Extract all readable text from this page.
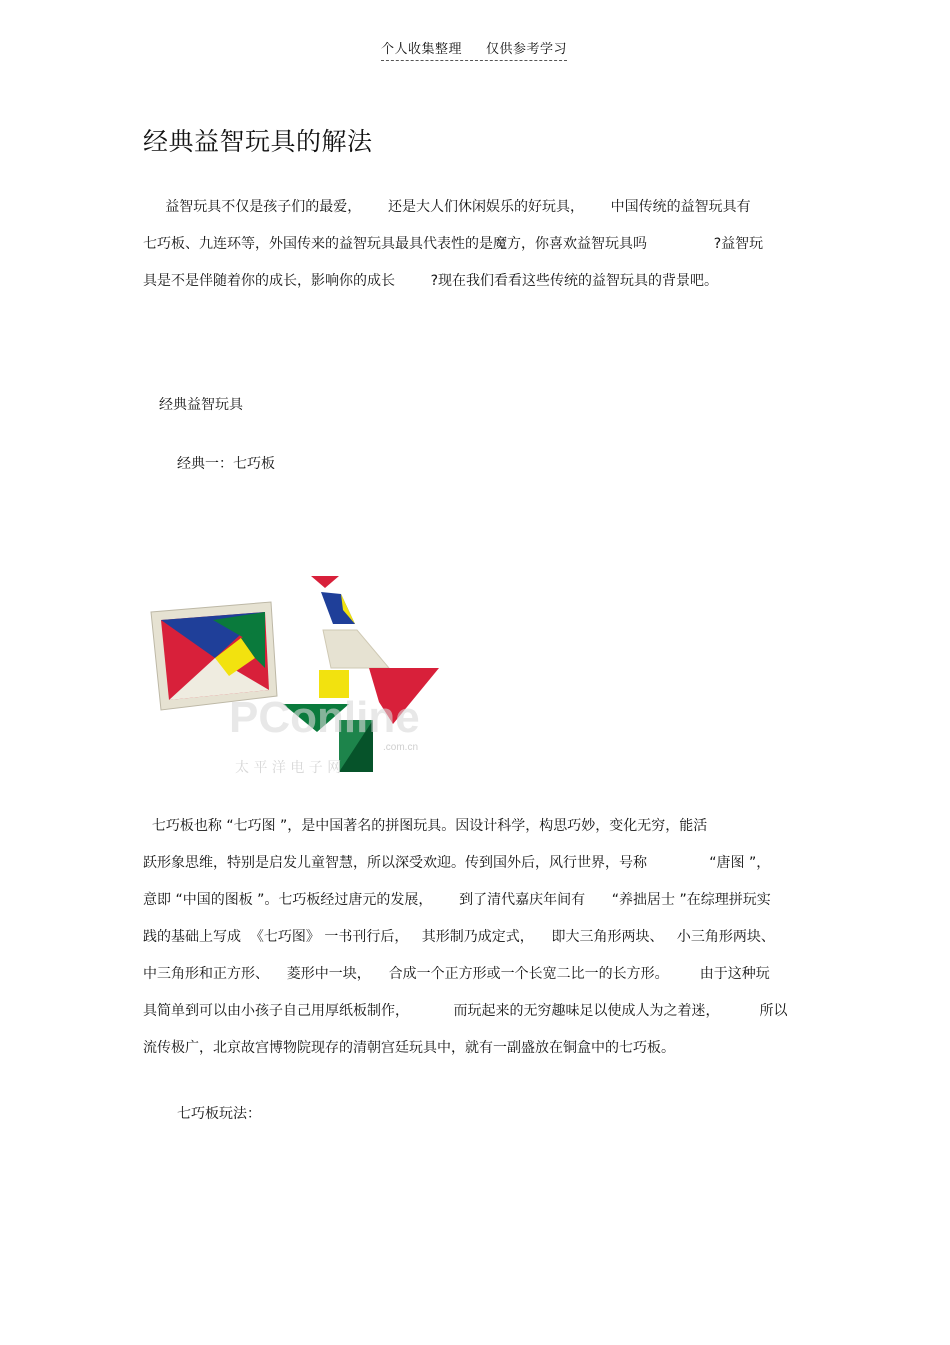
个人收集整理 仅供参考学习
经典益智玩具的解法

益智玩具不仅是孩子们的最爱，      还是大人们休闲娱乐的好玩具，      中国传统的益智玩具有
七巧板、九连环等，外国传来的益智玩具最具代表性的是魔方，你喜欢益智玩具吗               ?益智玩
具是不是伴随着你的成长，影响你的成长        ?现在我们看看这些传统的益智玩具的背景吧。

经典益智玩具

经典一：七巧板

PConline
.com.cn
太 平 洋 电 子 网

七巧板也称 “七巧图 ”，是中国著名的拼图玩具。因设计科学，构思巧妙，变化无穷，能活
跃形象思维，特别是启发儿童智慧，所以深受欢迎。传到国外后，风行世界，号称              “唐图 ”，
意即 “中国的图板 ”。七巧板经过唐元的发展，      到了清代嘉庆年间有      “养拙居士 ”在综理拼玩实
践的基础上写成  《七巧图》 一书刊行后，   其形制乃成定式，    即大三角形两块、   小三角形两块、
中三角形和正方形、    菱形中一块，    合成一个正方形或一个长宽二比一的长方形。       由于这种玩
具简单到可以由小孩子自己用厚纸板制作，          而玩起来的无穷趣味足以使成人为之着迷，         所以
流传极广，北京故宫博物院现存的清朝宫廷玩具中，就有一副盛放在铜盒中的七巧板。

七巧板玩法：
